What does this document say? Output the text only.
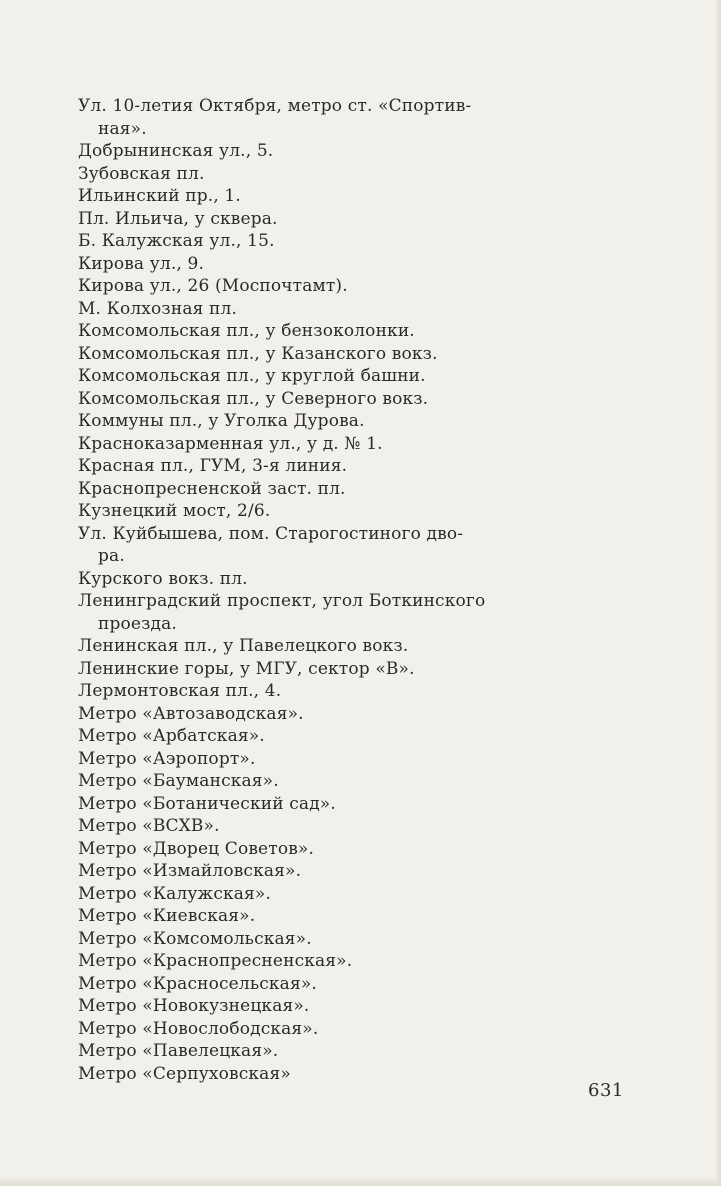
Ул. 10-летия Октября, метро ст. «Спортив-
ная».
Добрынинская ул., 5.
Зубовская пл.
Ильинский пр., 1.
Пл. Ильича, у сквера.
Б. Калужская ул., 15.
Кирова ул., 9.
Кирова ул., 26 (Моспочтамт).
М. Колхозная пл.
Комсомольская пл., у бензоколонки.
Комсомольская пл., у Казанского вокз.
Комсомольская пл., у круглой башни.
Комсомольская пл., у Северного вокз.
Коммуны пл., у Уголка Дурова.
Красноказарменная ул., у д. № 1.
Красная пл., ГУМ, 3-я линия.
Краснопресненской заст. пл.
Кузнецкий мост, 2/6.
Ул. Куйбышева, пом. Старогостиного дво-
ра.
Курского вокз. пл.
Ленинградский проспект, угол Боткинского
проезда.
Ленинская пл., у Павелецкого вокз.
Ленинские горы, у МГУ, сектор «В».
Лермонтовская пл., 4.
Метро «Автозаводская».
Метро «Арбатская».
Метро «Аэропорт».
Метро «Бауманская».
Метро «Ботанический сад».
Метро «ВСХВ».
Метро «Дворец Советов».
Метро «Измайловская».
Метро «Калужская».
Метро «Киевская».
Метро «Комсомольская».
Метро «Краснопресненская».
Метро «Красносельская».
Метро «Новокузнецкая».
Метро «Новослободская».
Метро «Павелецкая».
Метро «Серпуховская»
631
